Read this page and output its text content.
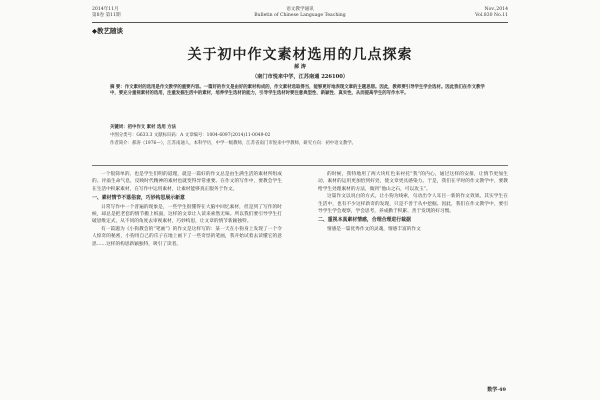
2014年11月
第8卷 第11期
语文教学通讯
Bulletin of Chinese Language Teaching
Nov.,2014
Vol.830 No.11
◆教艺随谈
关于初中作文素材选用的几点探索
郝 涛
（南门市悦来中学，江苏南通 226100）
摘 要：作文素材的选用是作文教学的重要内容。一篇好的作文是由好的素材构成的，作文素材选取得当，能够更好地表现文章的主题思想。因此，教师要引导学生学会选材。因此我们在作文教学中，要充分重视素材的选用，注重发掘生活中的素材，培养学生选材的能力，引导学生选材时要注意典型性、新颖性、真实性，从而提高学生的写作水平。
关键词：初中作文 素材 选用 方法
中图分类号：G633.3 文献标识码：A 文章编号：1004-6097(2014)11-0049-02
作者简介：郝涛（1976—），江苏南通人，本科学历，中学一级教师，江苏省南门市悦来中学教师，研究方向：初中语文教学。

一个很简单的、也是学生们明的道理，就是一篇好的作文总是由生满生活的素材所组成的。评溢生命气息，反映时代精神的素材也就变得异常重要。在作文的写作中，要教会学生在生活中积累素材，在写作中运用素材，让素材能够真正服务于作文。

一、素材情节不落俗套，巧妙构思展示新意

日常写作中一个普遍的现象是，一些学生很懂得在大脑中回忆素材，但是到了写作的时候，却总是把老套的情节搬上纸面，这样的文章让人读来索然无味。所以我们要引导学生打破思维定式，从不同的角度去审视素材，巧妙构思，让文章的情节新颖独特。

有一篇题为《小狗教会的“笔画”》的作文是这样写的：某一天在小狗身上发现了一个令人惊奇的秘密，小狗用自己的爪子在地上画下了一些奇怪的笔画，我开始试着去读懂它的意思……这样的构思新颖独特，吸引了读者。

的时候，我特地用了两大块红色来衬托“我”的内心，通过这样的安排，让情节更加生动，素材的运用更加恰到好处，使文章更具感染力。于是，我们在平时的作文教学中，要教给学生处理素材的方法，做到“他山之石，可以攻玉”。

这篇作文以说白的方式，让小狗为线索，句动出令人耳目一新的作文效果。其实学生在生活中，也有不少这样新奇的发现，只是不善于从中挖掘。因此，我们在作文教学中，要引导学生学会观察，学会思考，养成勤于积累、善于发现的好习惯。

二、重视本真素材情感，合理合理进行裁据

情感是一篇优秀作文的灵魂，情感丰富的作文

数学·49
